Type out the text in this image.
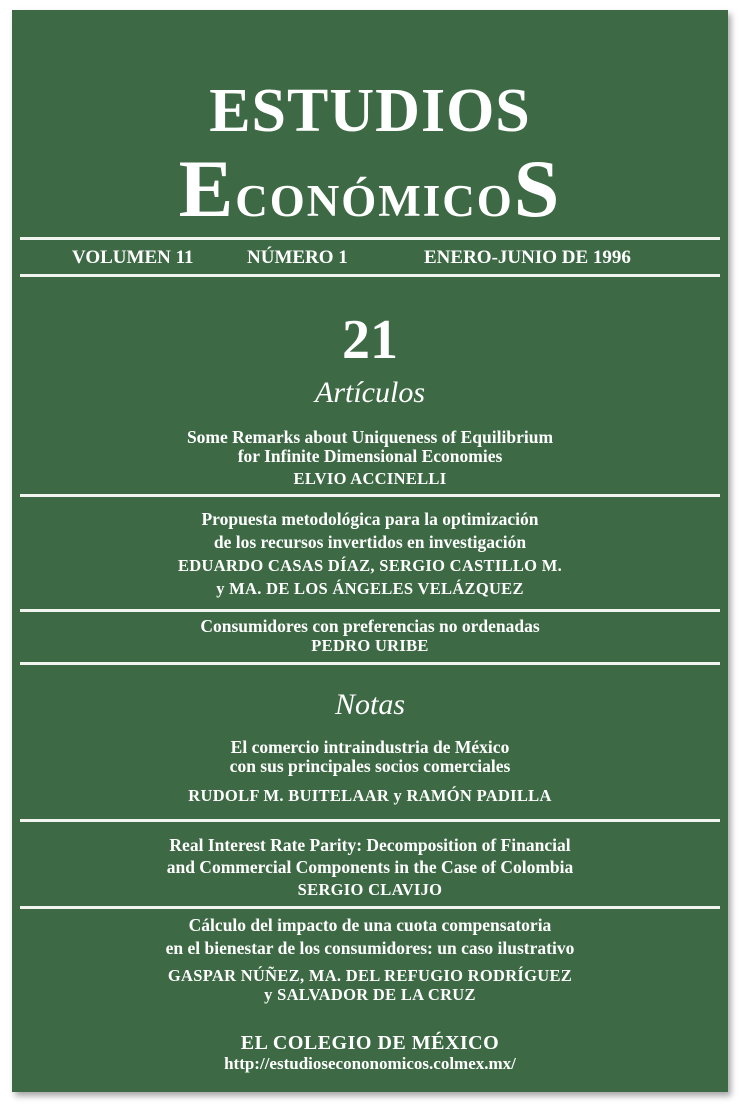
ESTUDIOS
EconómicoS
VOLUMEN 11	NÚMERO 1	ENERO-JUNIO DE 1996
21
Artículos

Some Remarks about Uniqueness of Equilibrium

for Infinite Dimensional Economies

ELVIO ACCINELLI

Propuesta metodológica para la optimización

de los recursos invertidos en investigación

EDUARDO CASAS DÍAZ, SERGIO CASTILLO M.

y MA. DE LOS ÁNGELES VELÁZQUEZ

Consumidores con preferencias no ordenadas

PEDRO URIBE

Notas

El comercio intraindustria de México

con sus principales socios comerciales

RUDOLF M. BUITELAAR y RAMÓN PADILLA

Real Interest Rate Parity: Decomposition of Financial

and Commercial Components in the Case of Colombia

SERGIO CLAVIJO

Cálculo del impacto de una cuota compensatoria

en el bienestar de los consumidores: un caso ilustrativo

GASPAR NÚÑEZ, MA. DEL REFUGIO RODRÍGUEZ

y SALVADOR DE LA CRUZ

EL COLEGIO DE MÉXICO

http://estudiosecononomicos.colmex.mx/
